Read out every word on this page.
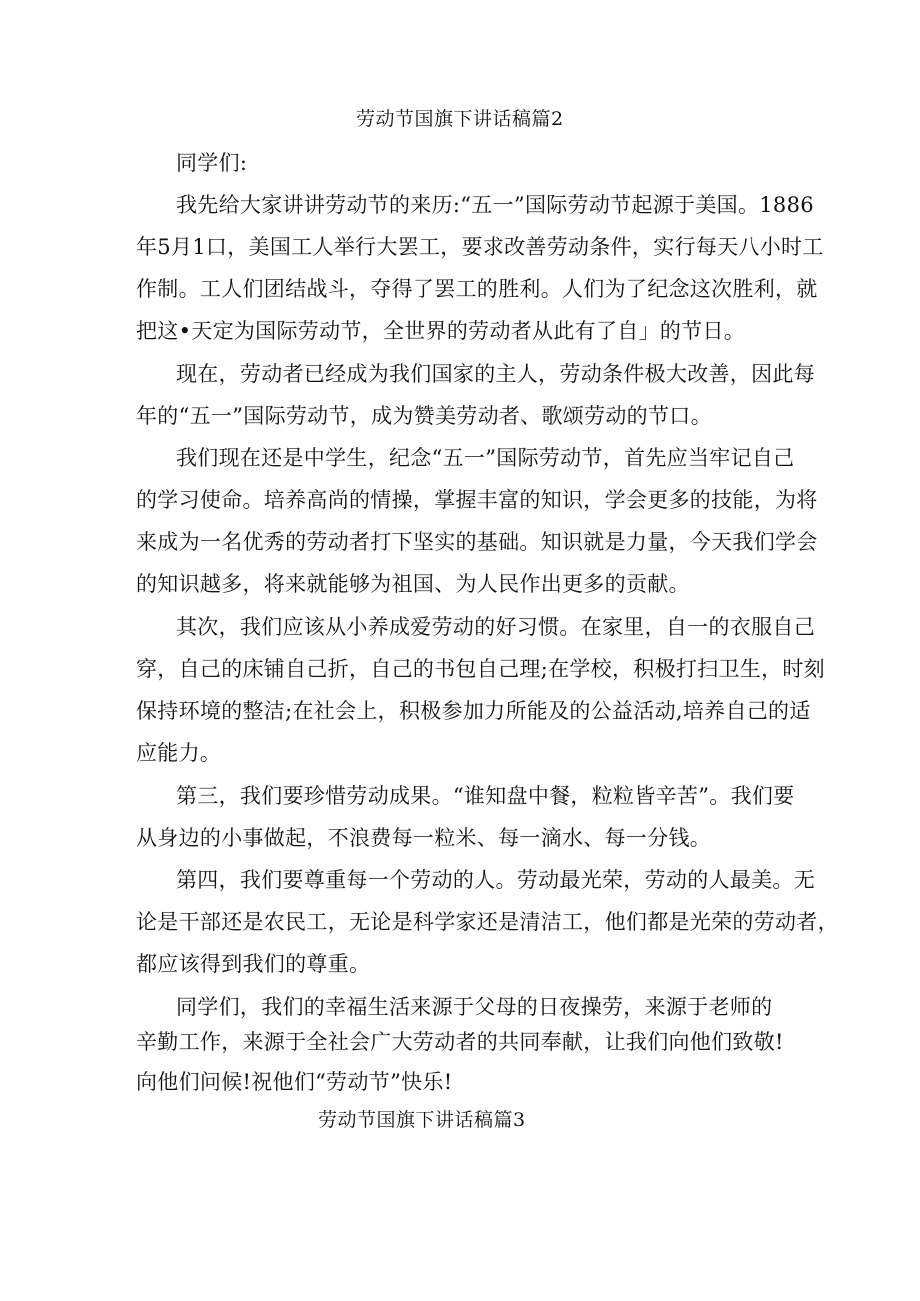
劳动节国旗下讲话稿篇2
同学们:
我先给大家讲讲劳动节的来历:“五一”国际劳动节起源于美国。1886
年5月1口，美国工人举行大罢工，要求改善劳动条件，实行每天八小时工
作制。工人们团结战斗，夺得了罢工的胜利。人们为了纪念这次胜利，就
把这•天定为国际劳动节，全世界的劳动者从此有了自」的节日。
现在，劳动者已经成为我们国家的主人，劳动条件极大改善，因此每
年的“五一”国际劳动节，成为赞美劳动者、歌颂劳动的节口。
我们现在还是中学生，纪念“五一”国际劳动节，首先应当牢记自己
的学习使命。培养高尚的情操，掌握丰富的知识，学会更多的技能，为将
来成为一名优秀的劳动者打下坚实的基础。知识就是力量，今天我们学会
的知识越多，将来就能够为祖国、为人民作出更多的贡献。
其次，我们应该从小养成爱劳动的好习惯。在家里，自一的衣服自己
穿，自己的床铺自己折，自己的书包自己理;在学校，积极打扫卫生，时刻
保持环境的整洁;在社会上，积极参加力所能及的公益活动,培养自己的适
应能力。
第三，我们要珍惜劳动成果。“谁知盘中餐，粒粒皆辛苦”。我们要
从身边的小事做起，不浪费每一粒米、每一滴水、每一分钱。
第四，我们要尊重每一个劳动的人。劳动最光荣，劳动的人最美。无
论是干部还是农民工，无论是科学家还是清洁工，他们都是光荣的劳动者，
都应该得到我们的尊重。
同学们，我们的幸福生活来源于父母的日夜操劳，来源于老师的
辛勤工作，来源于全社会广大劳动者的共同奉献，让我们向他们致敬!
向他们问候!祝他们“劳动节”快乐!
劳动节国旗下讲话稿篇3
